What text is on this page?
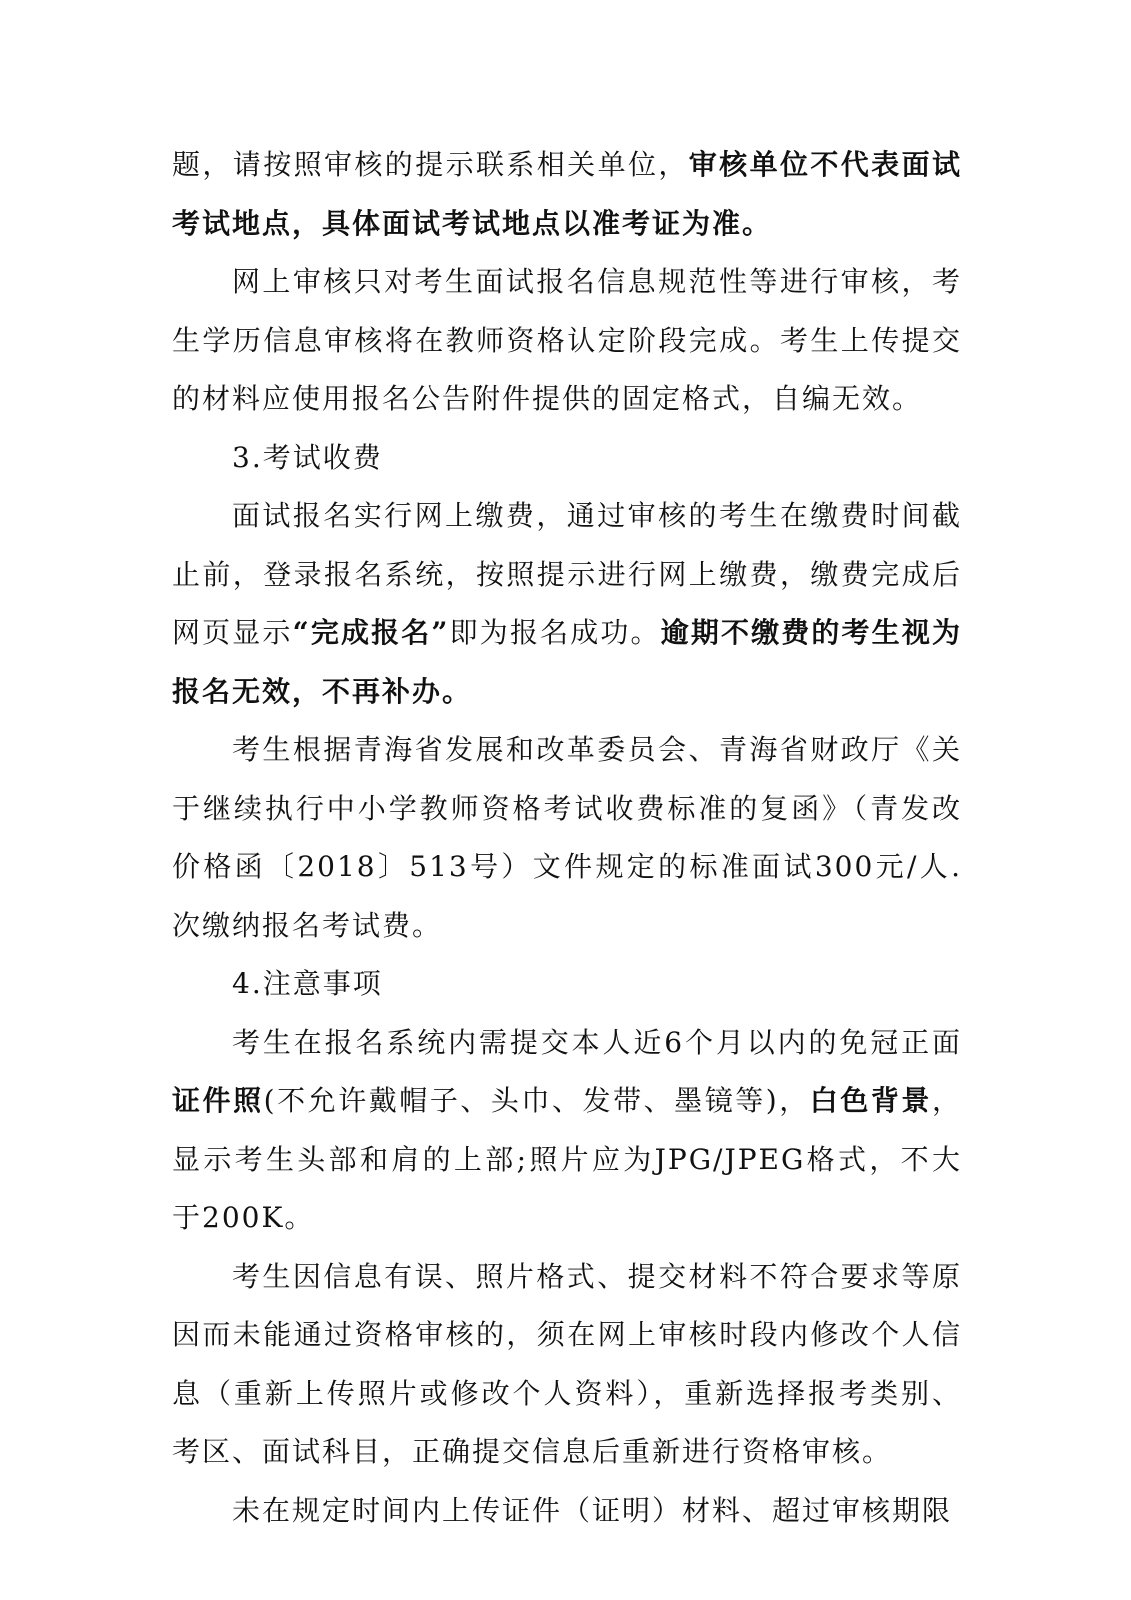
题，请按照审核的提示联系相关单位，审核单位不代表面试考试地点，具体面试考试地点以准考证为准。

网上审核只对考生面试报名信息规范性等进行审核，考生学历信息审核将在教师资格认定阶段完成。考生上传提交的材料应使用报名公告附件提供的固定格式，自编无效。

3.考试收费

面试报名实行网上缴费，通过审核的考生在缴费时间截止前，登录报名系统，按照提示进行网上缴费，缴费完成后网页显示“完成报名”即为报名成功。逾期不缴费的考生视为报名无效，不再补办。

考生根据青海省发展和改革委员会、青海省财政厅《关于继续执行中小学教师资格考试收费标准的复函》（青发改价格函〔2018〕513号）文件规定的标准面试300元/人.次缴纳报名考试费。

4.注意事项

考生在报名系统内需提交本人近6个月以内的免冠正面证件照(不允许戴帽子、头巾、发带、墨镜等)，白色背景，显示考生头部和肩的上部;照片应为JPG/JPEG格式，不大于200K。

考生因信息有误、照片格式、提交材料不符合要求等原因而未能通过资格审核的，须在网上审核时段内修改个人信息（重新上传照片或修改个人资料），重新选择报考类别、考区、面试科目，正确提交信息后重新进行资格审核。

未在规定时间内上传证件（证明）材料、超过审核期限
